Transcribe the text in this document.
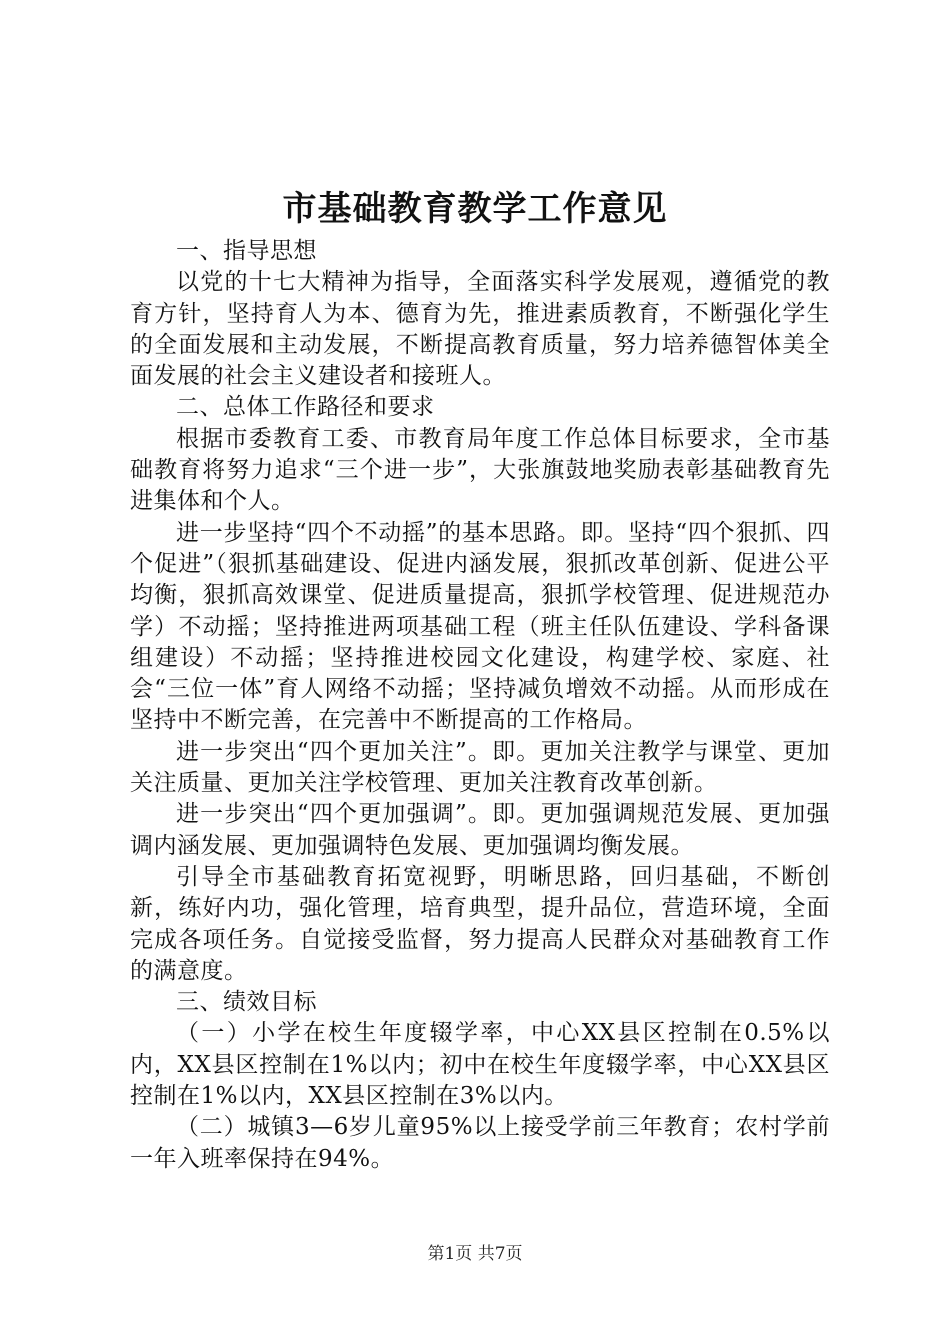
市基础教育教学工作意见

一、指导思想

以党的十七大精神为指导，全面落实科学发展观，遵循党的教育方针，坚持育人为本、德育为先，推进素质教育，不断强化学生的全面发展和主动发展，不断提高教育质量，努力培养德智体美全面发展的社会主义建设者和接班人。

二、总体工作路径和要求

根据市委教育工委、市教育局年度工作总体目标要求，全市基础教育将努力追求“三个进一步”，大张旗鼓地奖励表彰基础教育先进集体和个人。

进一步坚持“四个不动摇”的基本思路。即。坚持“四个狠抓、四个促进”（狠抓基础建设、促进内涵发展，狠抓改革创新、促进公平均衡，狠抓高效课堂、促进质量提高，狠抓学校管理、促进规范办学）不动摇；坚持推进两项基础工程（班主任队伍建设、学科备课组建设）不动摇；坚持推进校园文化建设，构建学校、家庭、社会“三位一体”育人网络不动摇；坚持减负增效不动摇。从而形成在坚持中不断完善，在完善中不断提高的工作格局。

进一步突出“四个更加关注”。即。更加关注教学与课堂、更加关注质量、更加关注学校管理、更加关注教育改革创新。

进一步突出“四个更加强调”。即。更加强调规范发展、更加强调内涵发展、更加强调特色发展、更加强调均衡发展。

引导全市基础教育拓宽视野，明晰思路，回归基础，不断创新，练好内功，强化管理，培育典型，提升品位，营造环境，全面完成各项任务。自觉接受监督，努力提高人民群众对基础教育工作的满意度。

三、绩效目标

（一）小学在校生年度辍学率，中心XX县区控制在0.5%以内，XX县区控制在1%以内；初中在校生年度辍学率，中心XX县区控制在1%以内，XX县区控制在3%以内。

（二）城镇3—6岁儿童95%以上接受学前三年教育；农村学前一年入班率保持在94%。

第1页 共7页
